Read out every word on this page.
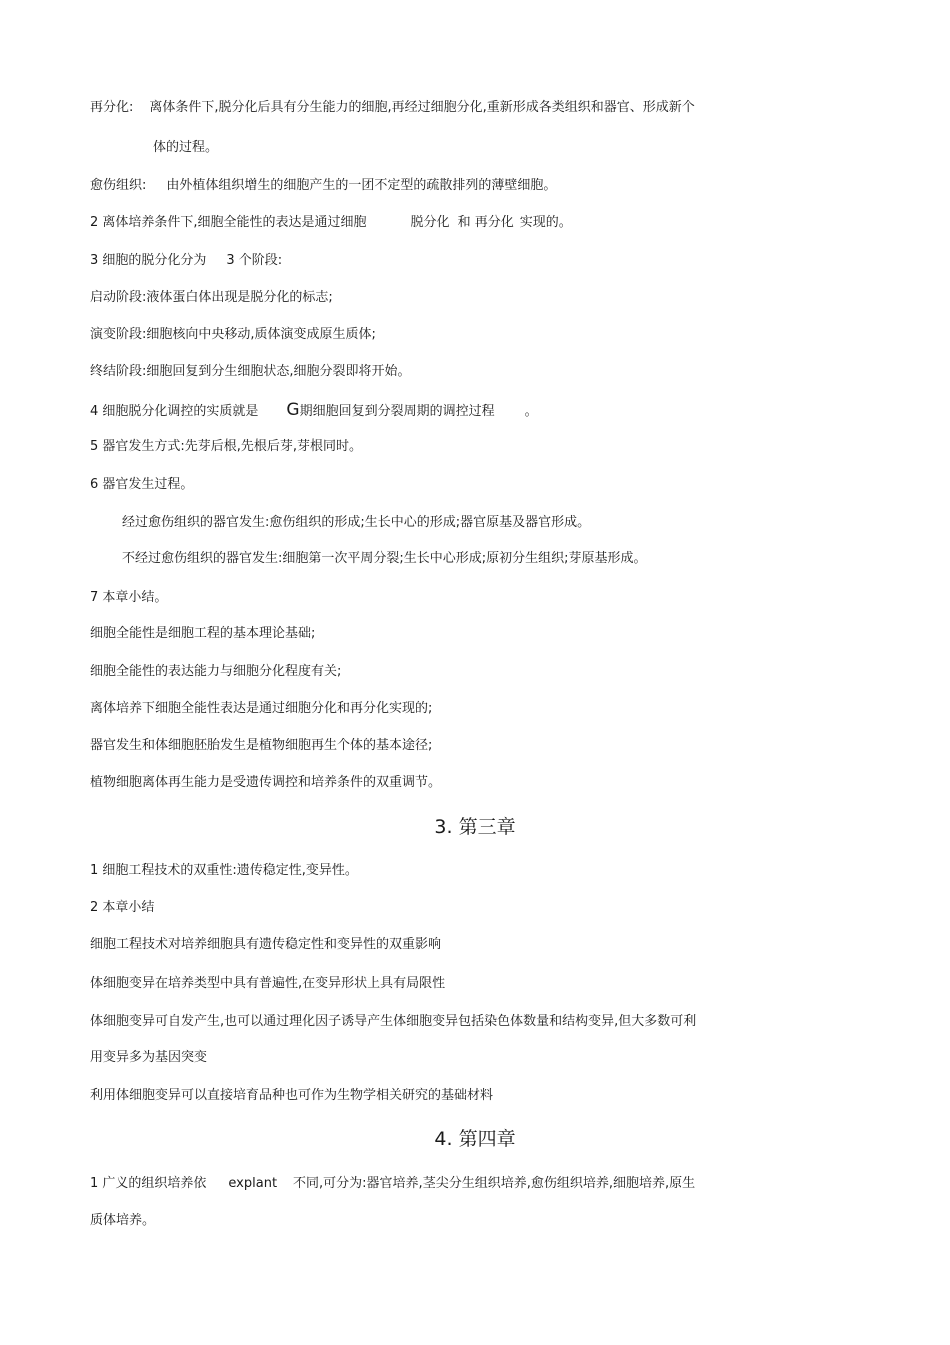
再分化: 离体条件下,脱分化后具有分生能力的细胞,再经过细胞分化,重新形成各类组织和器官、形成新个
体的过程。
愈伤组织: 由外植体组织增生的细胞产生的一团不定型的疏散排列的薄壁细胞。
2 离体培养条件下,细胞全能性的表达是通过细胞	脱分化 和 再分化 实现的。
3 细胞的脱分化分为 3 个阶段:
启动阶段:液体蛋白体出现是脱分化的标志;
演变阶段:细胞核向中央移动,质体演变成原生质体;
终结阶段:细胞回复到分生细胞状态,细胞分裂即将开始。
4 细胞脱分化调控的实质就是 G期细胞回复到分裂周期的调控过程 。
5 器官发生方式:先芽后根,先根后芽,芽根同时。
6 器官发生过程。
经过愈伤组织的器官发生:愈伤组织的形成;生长中心的形成;器官原基及器官形成。
不经过愈伤组织的器官发生:细胞第一次平周分裂;生长中心形成;原初分生组织;芽原基形成。
7 本章小结。
细胞全能性是细胞工程的基本理论基础;
细胞全能性的表达能力与细胞分化程度有关;
离体培养下细胞全能性表达是通过细胞分化和再分化实现的;
器官发生和体细胞胚胎发生是植物细胞再生个体的基本途径;
植物细胞离体再生能力是受遗传调控和培养条件的双重调节。
3. 第三章
1 细胞工程技术的双重性:遗传稳定性,变异性。
2 本章小结
细胞工程技术对培养细胞具有遗传稳定性和变异性的双重影响
体细胞变异在培养类型中具有普遍性,在变异形状上具有局限性
体细胞变异可自发产生,也可以通过理化因子诱导产生体细胞变异包括染色体数量和结构变异,但大多数可利
用变异多为基因突变
利用体细胞变异可以直接培育品种也可作为生物学相关研究的基础材料
4. 第四章
1 广义的组织培养依 explant 不同,可分为:器官培养,茎尖分生组织培养,愈伤组织培养,细胞培养,原生
质体培养。
